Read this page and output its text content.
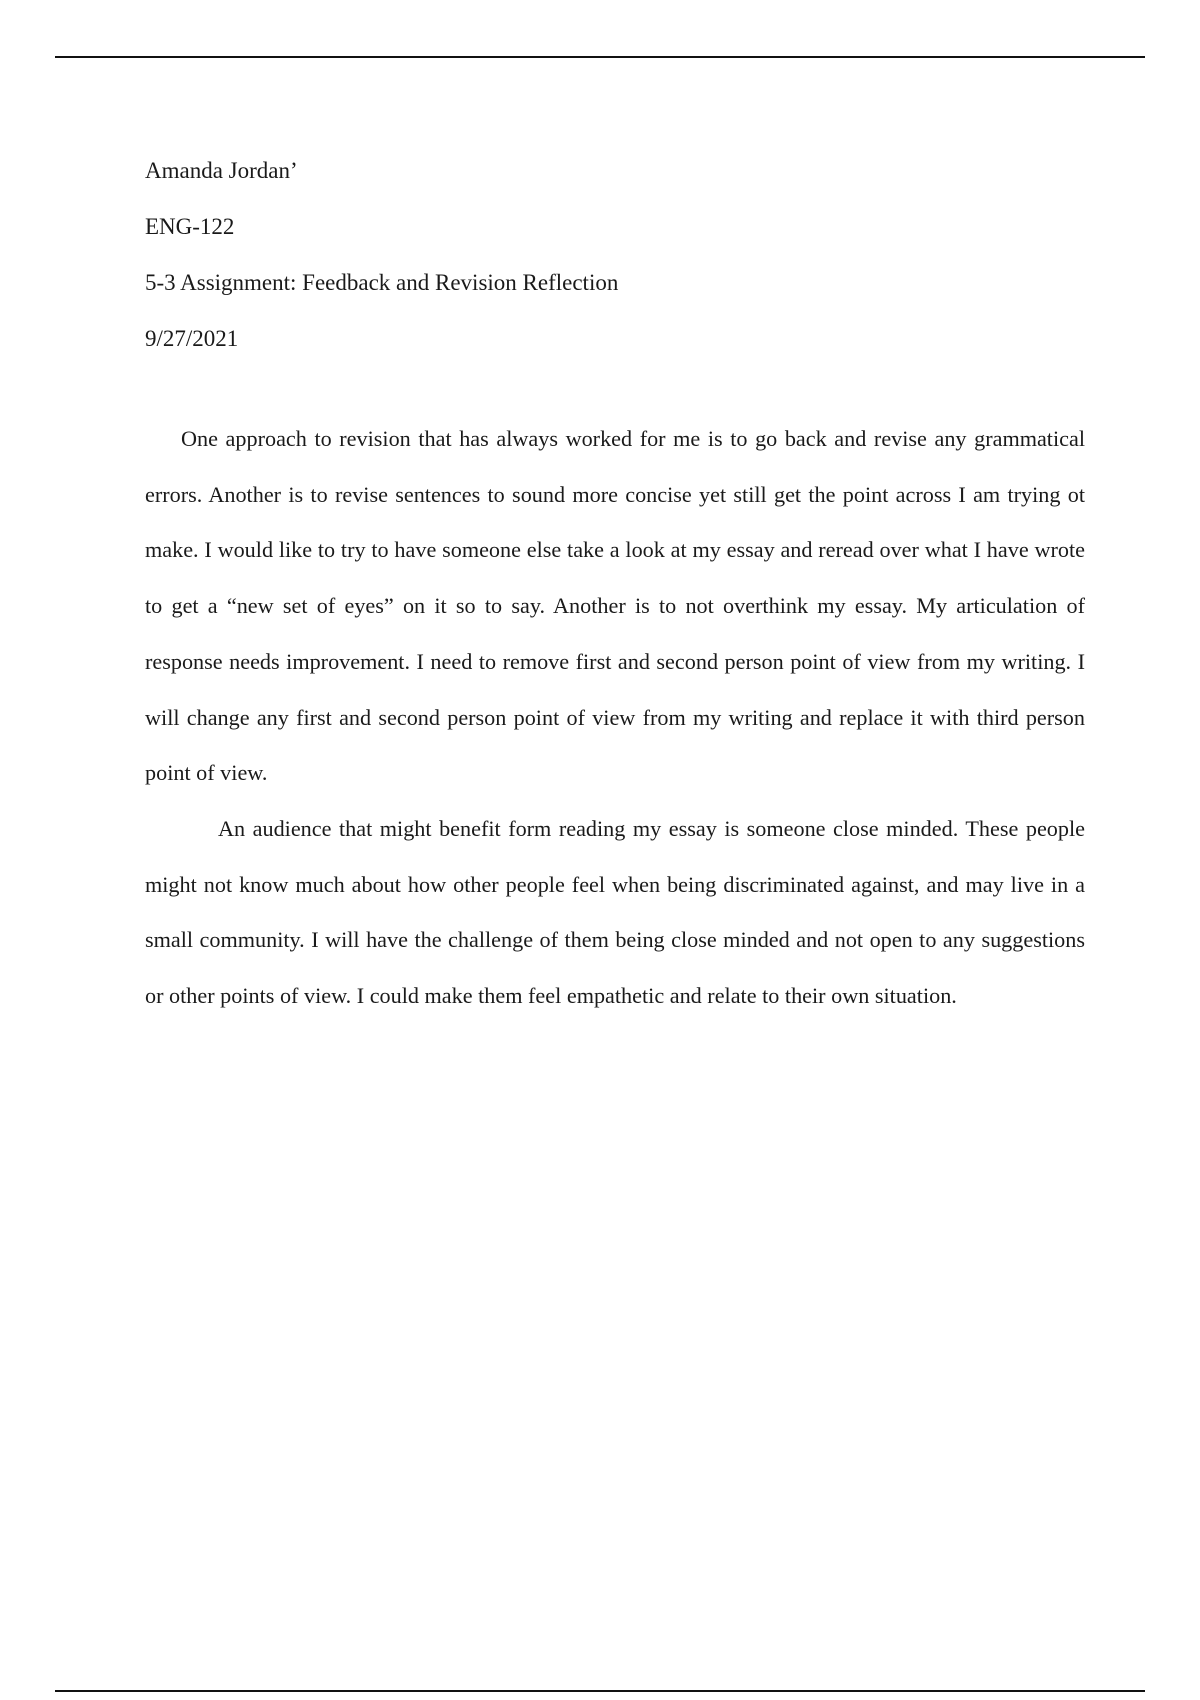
Amanda Jordan’
ENG-122
5-3 Assignment: Feedback and Revision Reflection
9/27/2021

One approach to revision that has always worked for me is to go back and revise any grammatical errors. Another is to revise sentences to sound more concise yet still get the point across I am trying ot make. I would like to try to have someone else take a look at my essay and reread over what I have wrote to get a “new set of eyes” on it so to say. Another is to not overthink my essay. My articulation of response needs improvement. I need to remove first and second person point of view from my writing. I will change any first and second person point of view from my writing and replace it with third person point of view.

An audience that might benefit form reading my essay is someone close minded. These people might not know much about how other people feel when being discriminated against, and may live in a small community. I will have the challenge of them being close minded and not open to any suggestions or other points of view. I could make them feel empathetic and relate to their own situation.
